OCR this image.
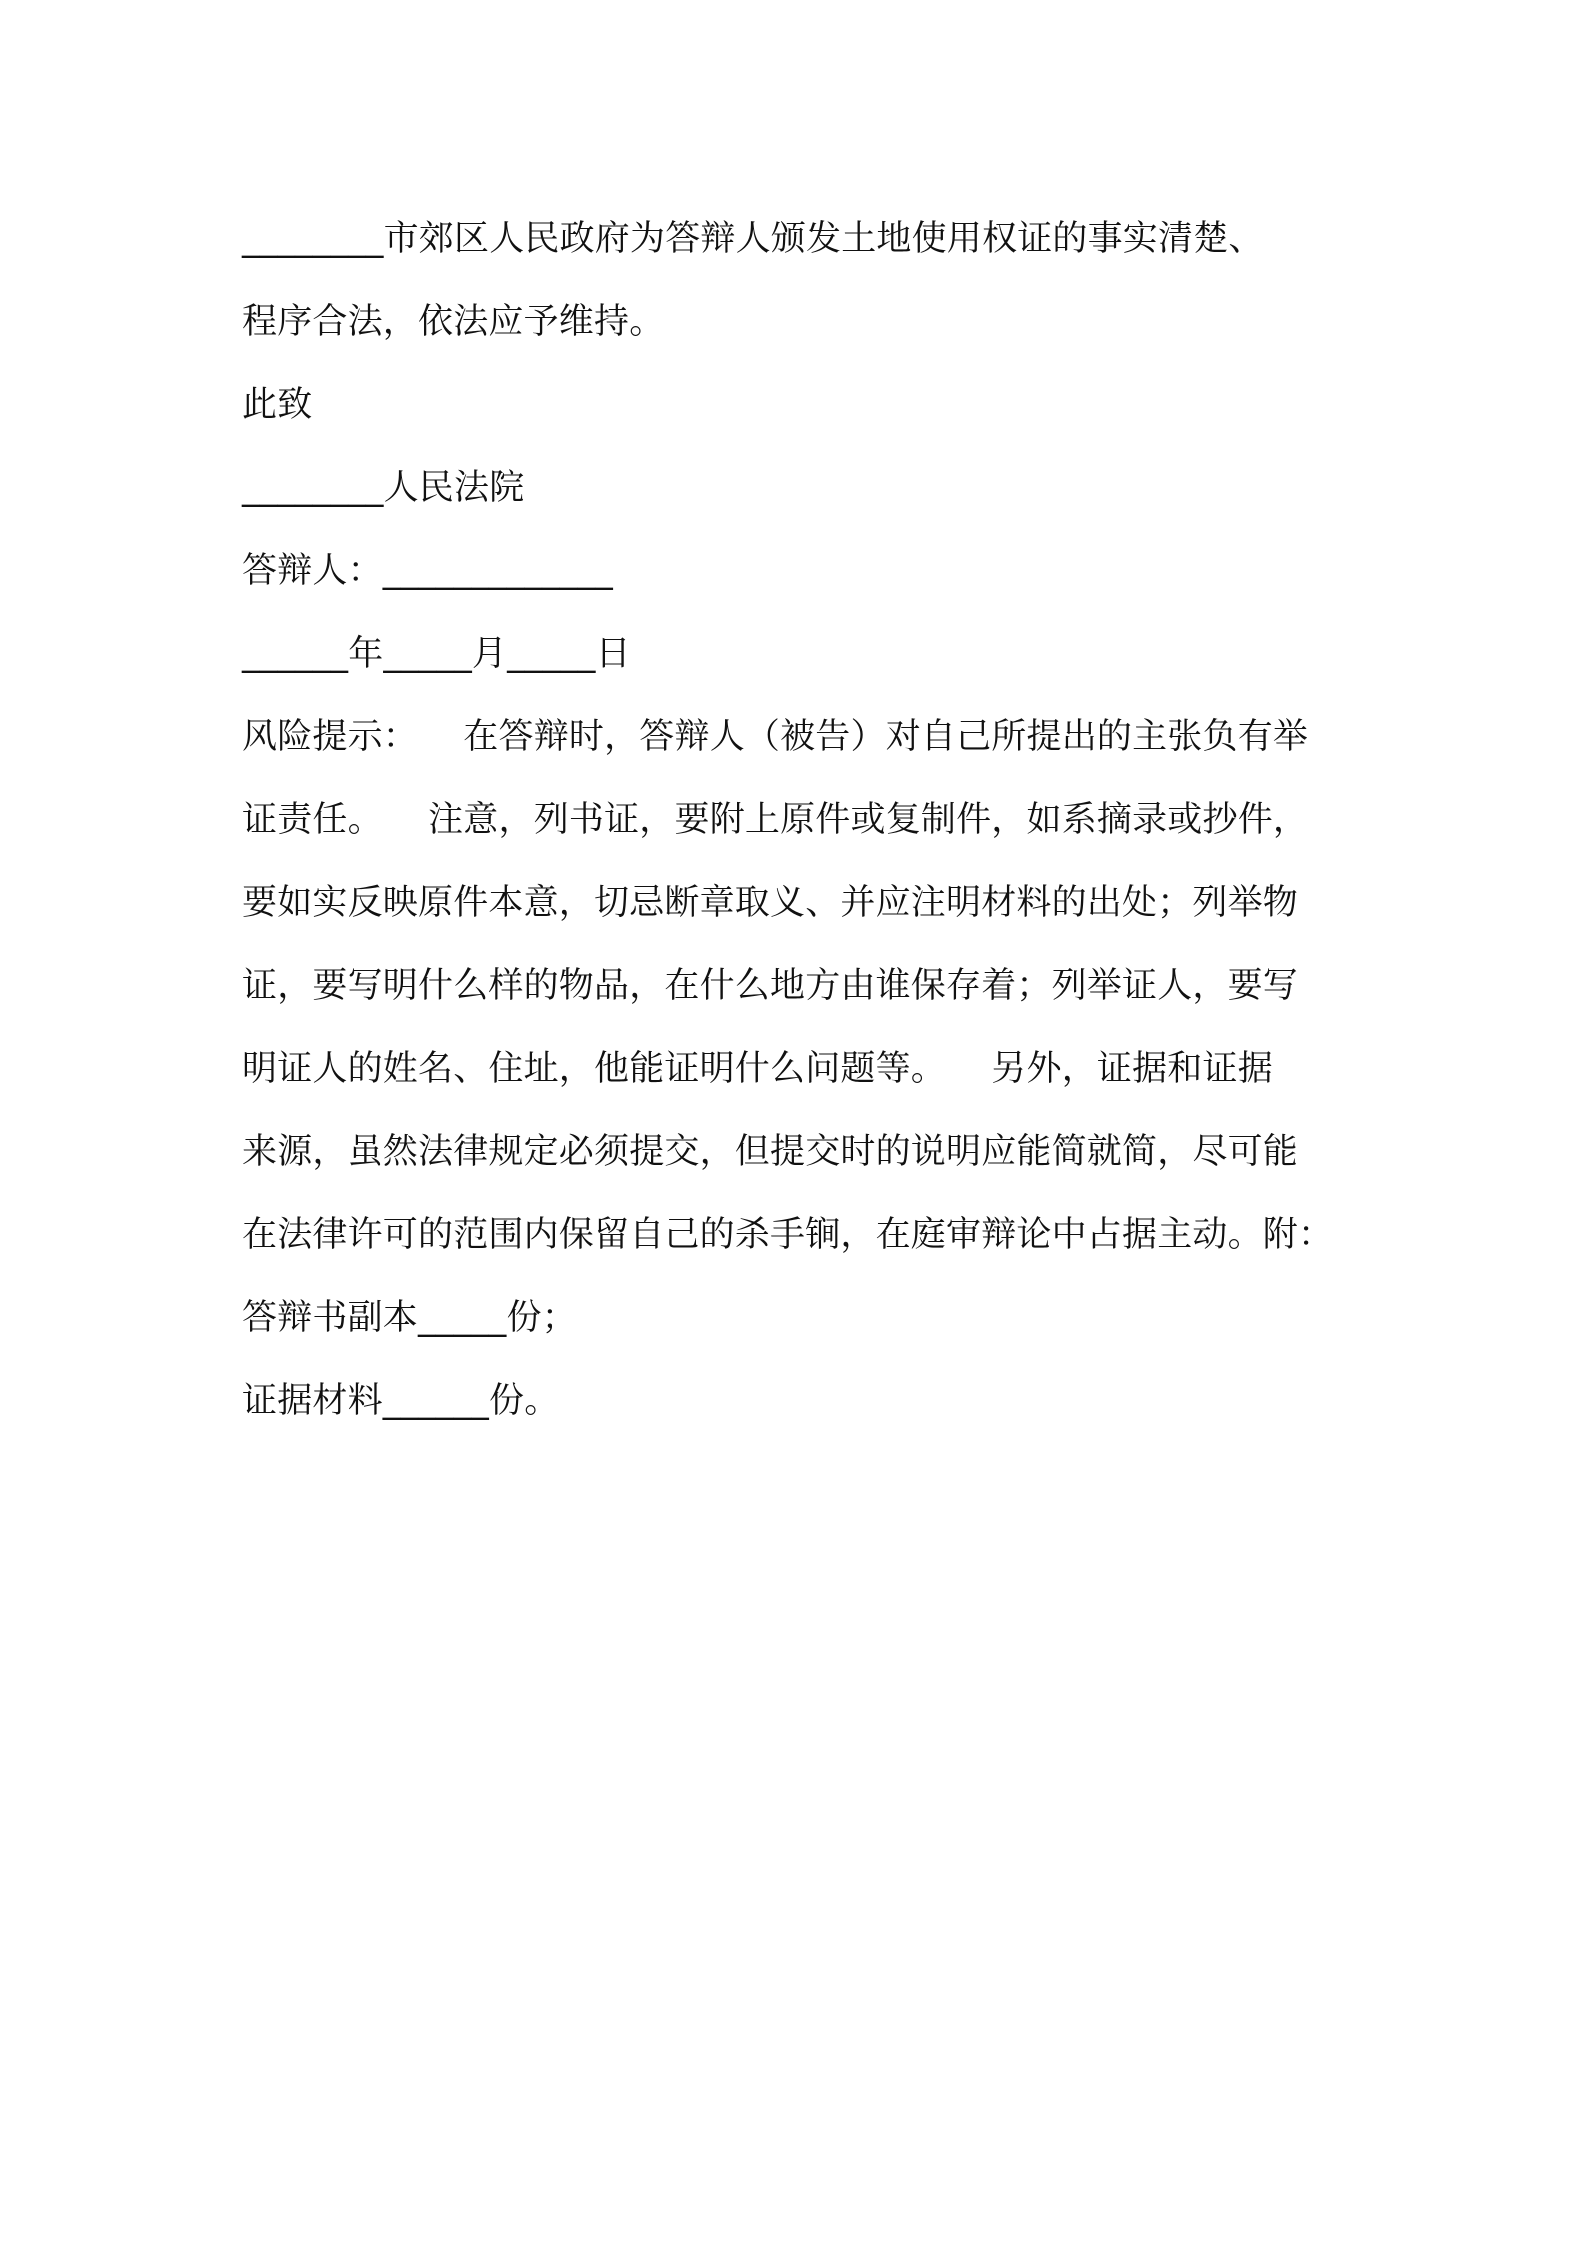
________市郊区人民政府为答辩人颁发土地使用权证的事实清楚、
程序合法，依法应予维持。
此致
________人民法院
答辩人：_____________
______年_____月_____日
风险提示：    在答辩时，答辩人（被告）对自己所提出的主张负有举
证责任。    注意，列书证，要附上原件或复制件，如系摘录或抄件，
要如实反映原件本意，切忌断章取义、并应注明材料的出处；列举物
证，要写明什么样的物品，在什么地方由谁保存着；列举证人，要写
明证人的姓名、住址，他能证明什么问题等。    另外，证据和证据
来源，虽然法律规定必须提交，但提交时的说明应能简就简，尽可能
在法律许可的范围内保留自己的杀手锏，在庭审辩论中占据主动。附：
答辩书副本_____份；
证据材料______份。
